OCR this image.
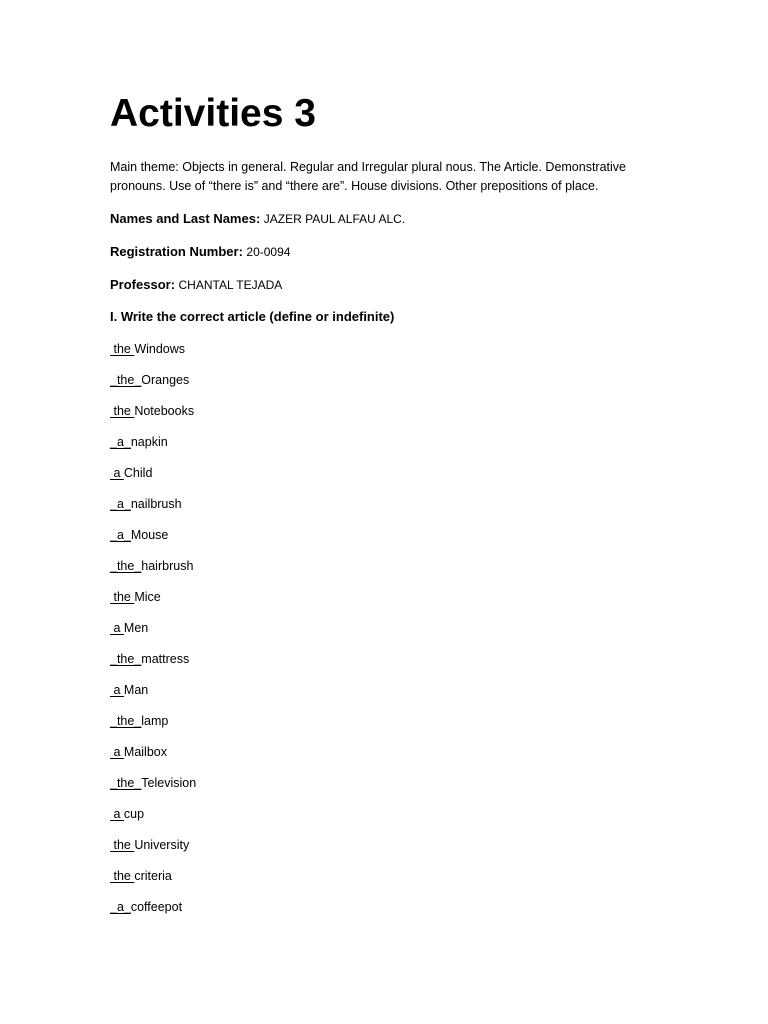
Activities 3

Main theme: Objects in general. Regular and Irregular plural nous. The Article. Demonstrative pronouns. Use of “there is” and “there are”. House divisions. Other prepositions of place.

Names and Last Names: JAZER PAUL ALFAU ALC.

Registration Number: 20-0094

Professor: CHANTAL TEJADA

I. Write the correct article (define or indefinite)

the Windows

_the_Oranges

the Notebooks

_a_napkin

a Child

_a_nailbrush

_a_Mouse

_the_hairbrush

the Mice

a Men

_the_mattress

a Man

_the_lamp

a Mailbox

_the_Television

a cup

the University

the criteria

_a_coffeepot
